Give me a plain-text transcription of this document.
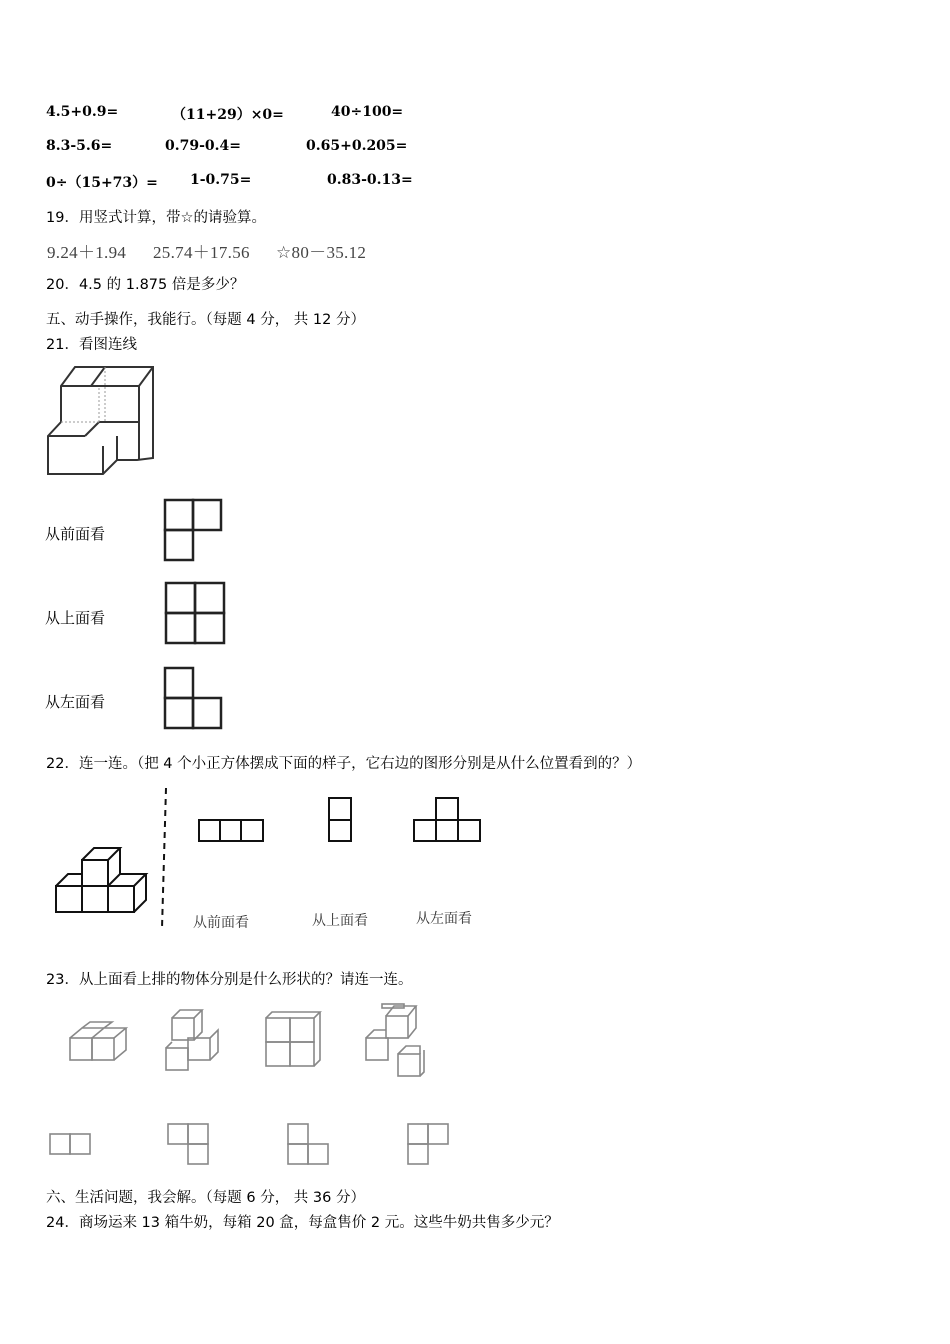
4.5+0.9=	（11+29）×0=	40÷100=
8.3-5.6=	0.79-0.4=	0.65+0.205=
0÷（15+73）= 1-0.75=	0.83-0.13=
19．用竖式计算，带☆的请验算。
9.24＋1.94 25.74＋17.56 ☆80－35.12
20．4.5 的 1.875 倍是多少？
五、动手操作，我能行。（每题 4 分， 共 12 分）
21．看图连线
从前面看
从上面看
从左面看
22．连一连。（把 4 个小正方体摆成下面的样子，它右边的图形分别是从什么位置看到的？）
从前面看	从上面看	从左面看
23．从上面看上排的物体分别是什么形状的？请连一连。
六、生活问题，我会解。（每题 6 分， 共 36 分）
24．商场运来 13 箱牛奶，每箱 20 盒，每盒售价 2 元。这些牛奶共售多少元？
